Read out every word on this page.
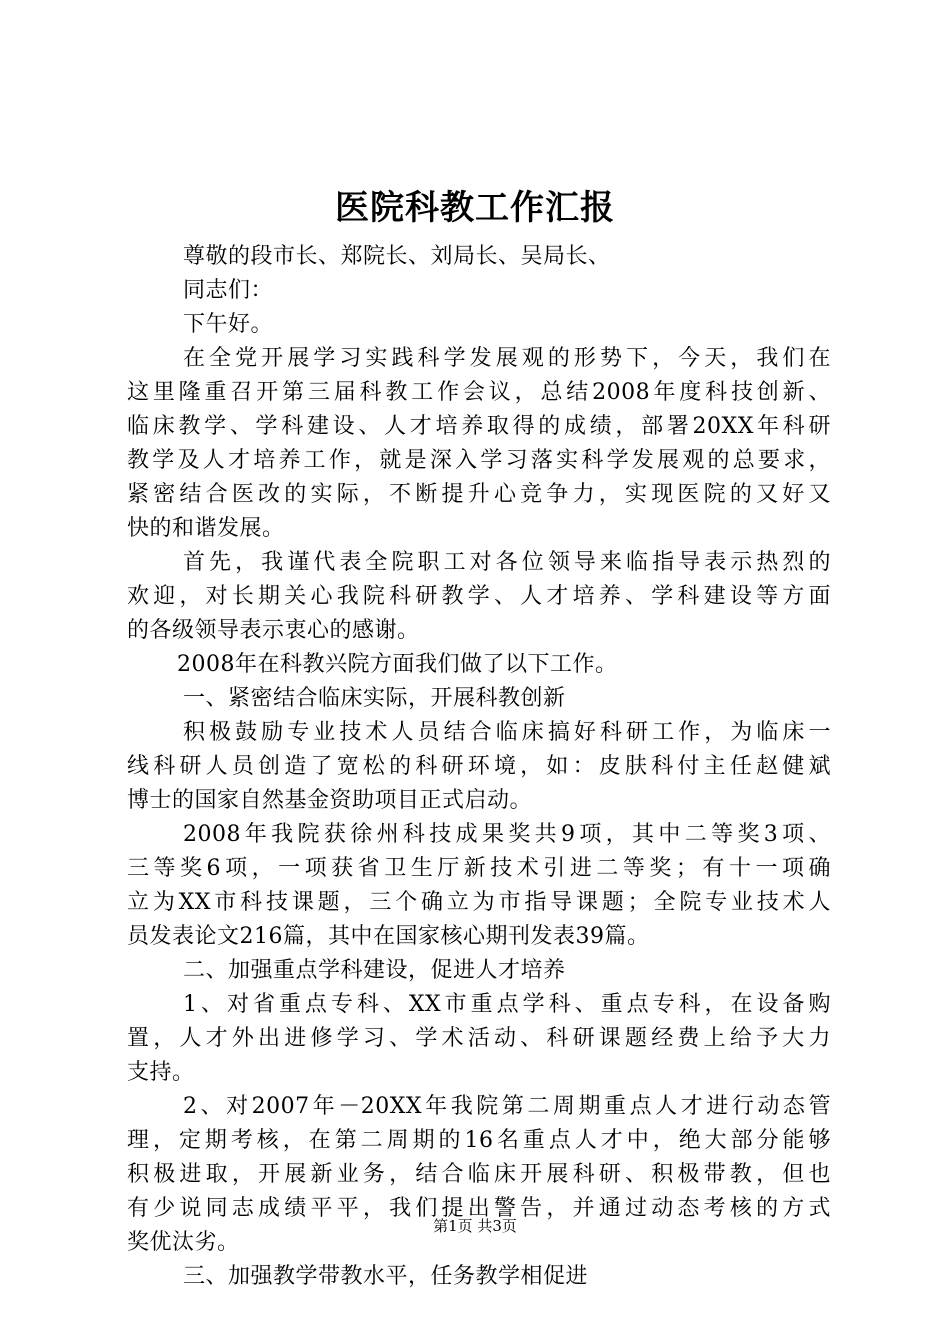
医院科教工作汇报
尊敬的段市长、郑院长、刘局长、吴局长、
同志们：
下午好。
在全党开展学习实践科学发展观的形势下，今天，我们在
这里隆重召开第三届科教工作会议，总结2008年度科技创新、
临床教学、学科建设、人才培养取得的成绩，部署20XX年科研
教学及人才培养工作，就是深入学习落实科学发展观的总要求，
紧密结合医改的实际，不断提升心竞争力，实现医院的又好又
快的和谐发展。
首先，我谨代表全院职工对各位领导来临指导表示热烈的
欢迎，对长期关心我院科研教学、人才培养、学科建设等方面
的各级领导表示衷心的感谢。
2008年在科教兴院方面我们做了以下工作。
一、紧密结合临床实际，开展科教创新
积极鼓励专业技术人员结合临床搞好科研工作，为临床一
线科研人员创造了宽松的科研环境，如：皮肤科付主任赵健斌
博士的国家自然基金资助项目正式启动。
2008年我院获徐州科技成果奖共9项，其中二等奖3项、
三等奖6项，一项获省卫生厅新技术引进二等奖；有十一项确
立为XX市科技课题，三个确立为市指导课题；全院专业技术人
员发表论文216篇，其中在国家核心期刊发表39篇。
二、加强重点学科建设，促进人才培养
1、对省重点专科、XX市重点学科、重点专科，在设备购
置，人才外出进修学习、学术活动、科研课题经费上给予大力
支持。
2、对2007年－20XX年我院第二周期重点人才进行动态管
理，定期考核，在第二周期的16名重点人才中，绝大部分能够
积极进取，开展新业务，结合临床开展科研、积极带教，但也
有少说同志成绩平平，我们提出警告，并通过动态考核的方式
奖优汰劣。
三、加强教学带教水平，任务教学相促进
第1页 共3页
